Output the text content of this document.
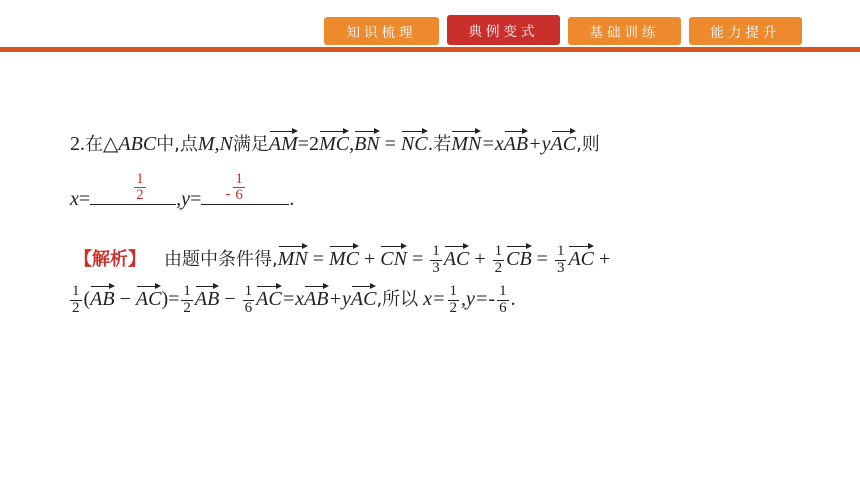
知识梳理	典例变式	基础训练	能力提升
2.在△ABC中,点M,N满足AM=2MC,BN = NC.若MN=xAB+yAC,则
x=	$\frac{1}{2} ,y= - \frac{1}{6}$ .
【解析】 由题中条件得,MN = MC + CN = $\frac{1}{3}$ AC + $\frac{1}{2}$ CB = $\frac{1}{3}$ AC +
$\frac{1}{2} (AB - AC)= \frac{1}{2}$ AB − $\frac{1}{6} AC=xAB+yAC$,所以 $x= \frac{1}{2} ,y=- \frac{1}{6}$ .
